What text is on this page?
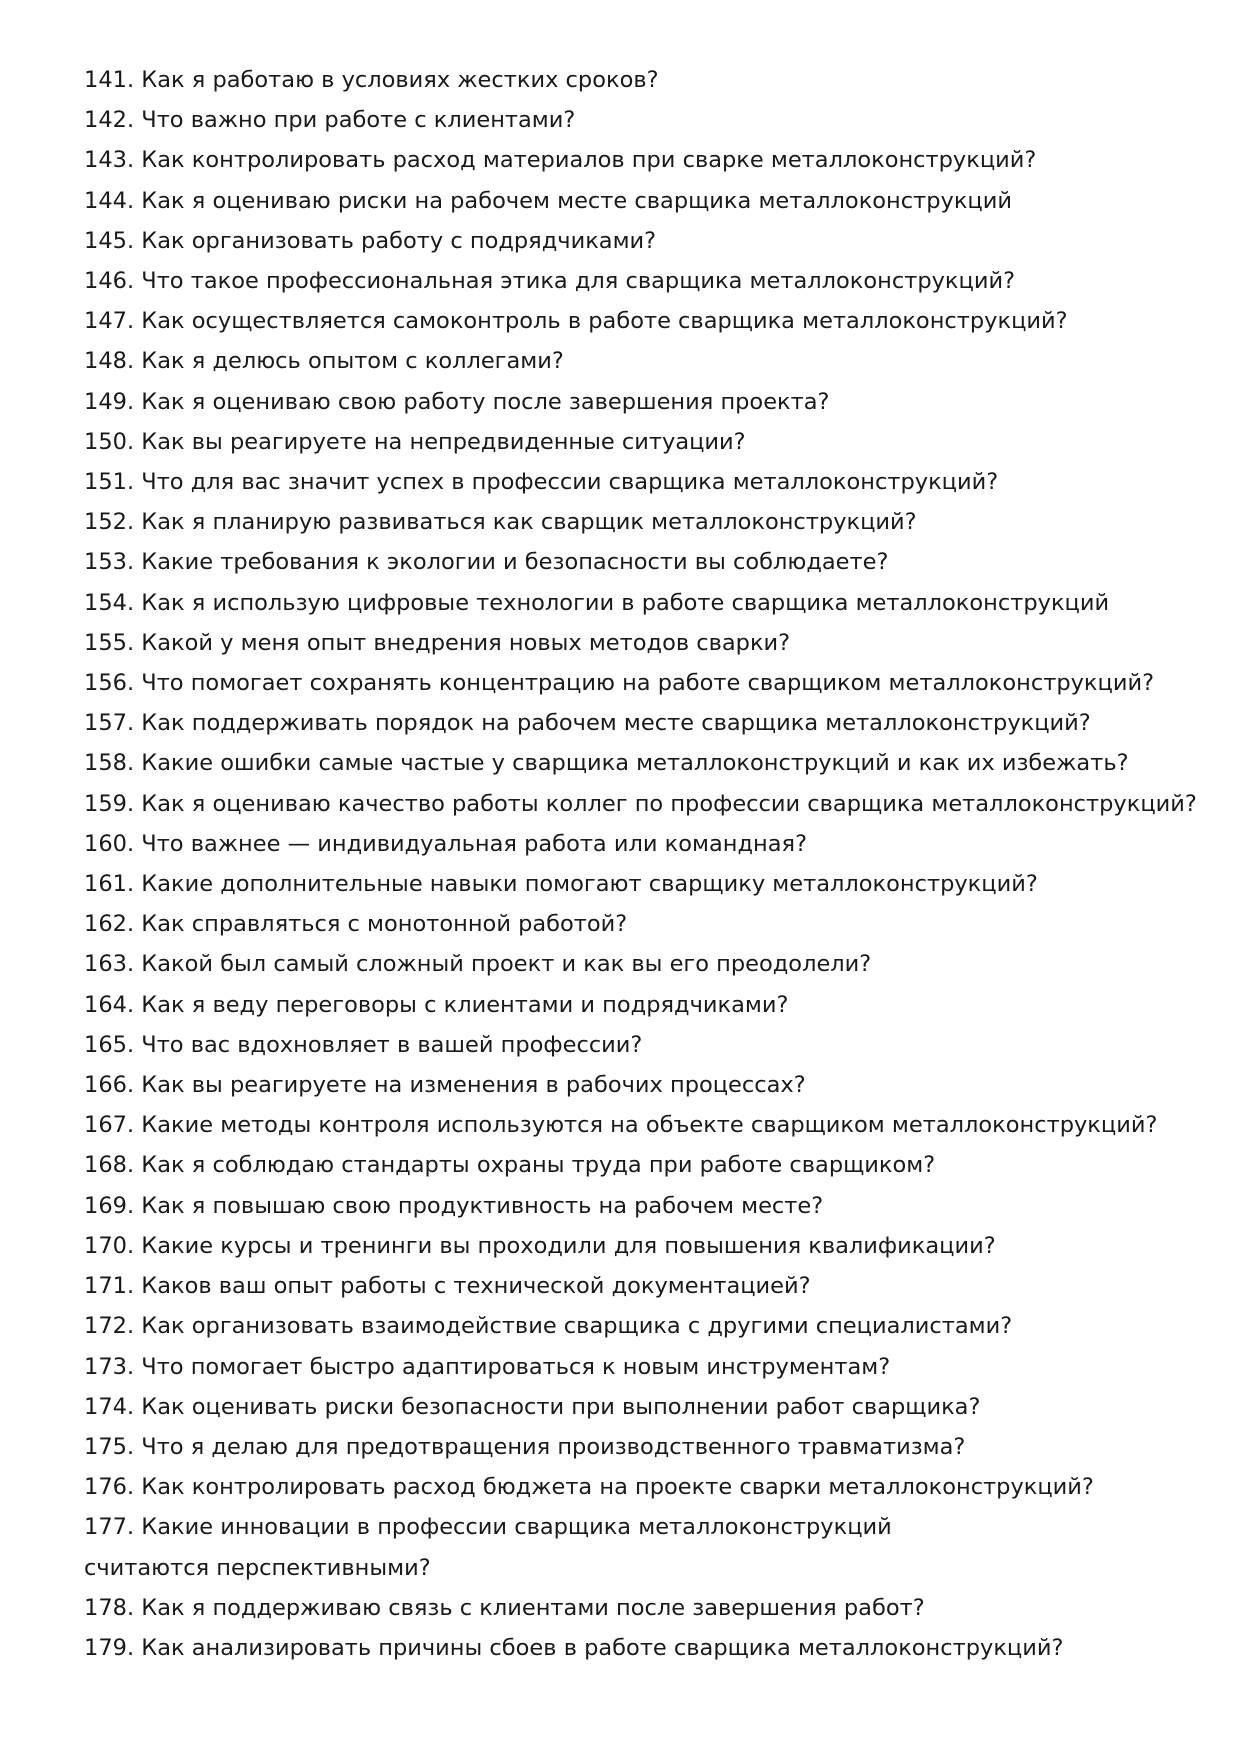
141 . Как я работаю в условиях жестких сроков?
142 . Что важно при работе с клиентами?
143 . Как контролировать расход материалов при сварке металлоконструкций?
144 . Как я оцениваю риски на рабочем месте сварщика металлоконструкций
145 . Как организовать работу с подрядчиками?
146 . Что такое профессиональная этика для сварщика металлоконструкций?
147 . Как осуществляется самоконтроль в работе сварщика металлоконструкций?
148 . Как я делюсь опытом с коллегами?
149 . Как я оцениваю свою работу после завершения проекта?
150 . Как вы реагируете на непредвиденные ситуации?
151 . Что для вас значит успех в профессии сварщика металлоконструкций?
152 . Как я планирую развиваться как сварщик металлоконструкций?
153 . Какие требования к экологии и безопасности вы соблюдаете?
154 . Как я использую цифровые технологии в работе сварщика металлоконструкций
155 . Какой у меня опыт внедрения новых методов сварки?
156 . Что помогает сохранять концентрацию на работе сварщиком металлоконструкций?
157 . Как поддерживать порядок на рабочем месте сварщика металлоконструкций?
158 . Какие ошибки самые частые у сварщика металлоконструкций и как их избежать?
159 . Как я оцениваю качество работы коллег по профессии сварщика металлоконструкций?
160 . Что важнее — индивидуальная работа или командная?
161 . Какие дополнительные навыки помогают сварщику металлоконструкций?
162 . Как справляться с монотонной работой?
163 . Какой был самый сложный проект и как вы его преодолели?
164 . Как я веду переговоры с клиентами и подрядчиками?
165 . Что вас вдохновляет в вашей профессии?
166 . Как вы реагируете на изменения в рабочих процессах?
167 . Какие методы контроля используются на объекте сварщиком металлоконструкций?
168 . Как я соблюдаю стандарты охраны труда при работе сварщиком?
169 . Как я повышаю свою продуктивность на рабочем месте?
170 . Какие курсы и тренинги вы проходили для повышения квалификации?
171 . Каков ваш опыт работы с технической документацией?
172 . Как организовать взаимодействие сварщика с другими специалистами?
173 . Что помогает быстро адаптироваться к новым инструментам?
174 . Как оценивать риски безопасности при выполнении работ сварщика?
175 . Что я делаю для предотвращения производственного травматизма?
176 . Как контролировать расход бюджета на проекте сварки металлоконструкций?
177 . Какие инновации в профессии сварщика металлоконструкций считаются перспективными?
178 . Как я поддерживаю связь с клиентами после завершения работ?
179 . Как анализировать причины сбоев в работе сварщика металлоконструкций?
